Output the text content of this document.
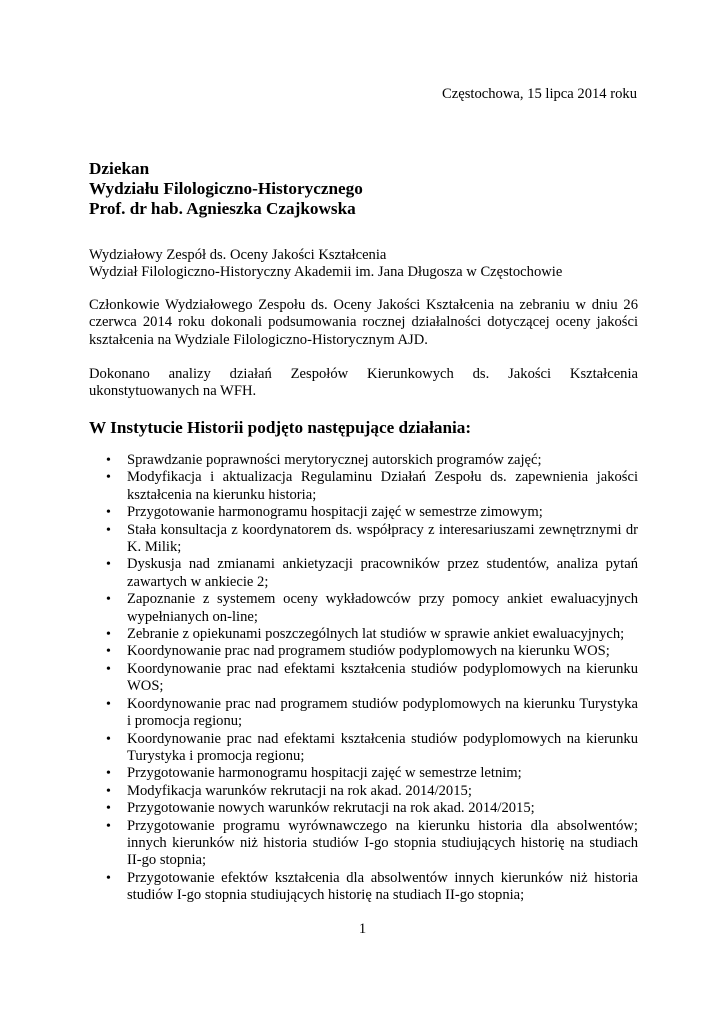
Częstochowa, 15 lipca 2014 roku
Dziekan
Wydziału Filologiczno-Historycznego
Prof. dr hab. Agnieszka Czajkowska
Wydziałowy Zespół ds. Oceny Jakości Kształcenia
Wydział Filologiczno-Historyczny Akademii im. Jana Długosza w Częstochowie
Członkowie Wydziałowego Zespołu ds. Oceny Jakości Kształcenia na zebraniu w dniu 26 czerwca 2014 roku dokonali podsumowania rocznej działalności dotyczącej oceny jakości kształcenia na Wydziale Filologiczno-Historycznym AJD.
Dokonano analizy działań Zespołów Kierunkowych ds. Jakości Kształcenia ukonstytuowanych na WFH.
W Instytucie Historii podjęto następujące działania:
• Sprawdzanie poprawności merytorycznej autorskich programów zajęć;
• Modyfikacja i aktualizacja Regulaminu Działań Zespołu ds. zapewnienia jakości kształcenia na kierunku historia;
• Przygotowanie harmonogramu hospitacji zajęć w semestrze zimowym;
• Stała konsultacja z koordynatorem ds. współpracy z interesariuszami zewnętrznymi dr K. Milik;
• Dyskusja nad zmianami ankietyzacji pracowników przez studentów, analiza pytań zawartych w ankiecie 2;
• Zapoznanie z systemem oceny wykładowców przy pomocy ankiet ewaluacyjnych wypełnianych on-line;
• Zebranie z opiekunami poszczególnych lat studiów w sprawie ankiet ewaluacyjnych;
• Koordynowanie prac nad programem studiów podyplomowych na kierunku WOS;
• Koordynowanie prac nad efektami kształcenia studiów podyplomowych na kierunku WOS;
• Koordynowanie prac nad programem studiów podyplomowych na kierunku Turystyka i promocja regionu;
• Koordynowanie prac nad efektami kształcenia studiów podyplomowych na kierunku Turystyka i promocja regionu;
• Przygotowanie harmonogramu hospitacji zajęć w semestrze letnim;
• Modyfikacja warunków rekrutacji na rok akad. 2014/2015;
• Przygotowanie nowych warunków rekrutacji na rok akad. 2014/2015;
• Przygotowanie programu wyrównawczego na kierunku historia dla absolwentów; innych kierunków niż historia studiów I-go stopnia studiujących historię na studiach II-go stopnia;
• Przygotowanie efektów kształcenia dla absolwentów innych kierunków niż historia studiów I-go stopnia studiujących historię na studiach II-go stopnia;
1
